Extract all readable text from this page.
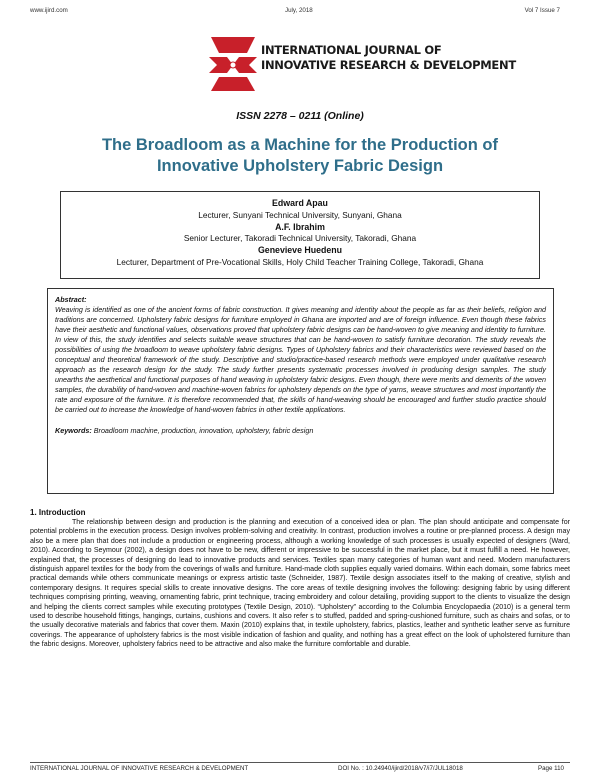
www.ijird.com	July, 2018	Vol 7 Issue 7
INTERNATIONAL JOURNAL OF
INNOVATIVE RESEARCH & DEVELOPMENT
ISSN 2278 – 0211 (Online)
The Broadloom as a Machine for the Production of Innovative Upholstery Fabric Design
Edward Apau
Lecturer, Sunyani Technical University, Sunyani, Ghana
A.F. Ibrahim
Senior Lecturer, Takoradi Technical University, Takoradi, Ghana
Genevieve Huedenu
Lecturer, Department of Pre-Vocational Skills, Holy Child Teacher Training College, Takoradi, Ghana
Abstract:
Weaving is identified as one of the ancient forms of fabric construction. It gives meaning and identity about the people as far as their beliefs, religion and traditions are concerned. Upholstery fabric designs for furniture employed in Ghana are imported and are of foreign influence. Even though these fabrics have their aesthetic and functional values, observations proved that upholstery fabric designs can be hand-woven to give meaning and identity to furniture. In view of this, the study identifies and selects suitable weave structures that can be hand-woven to satisfy furniture decoration. The study reveals the possibilities of using the broadloom to weave upholstery fabric designs. Types of Upholstery fabrics and their characteristics were reviewed based on the conceptual and theoretical framework of the study. Descriptive and studio/practice-based research methods were employed under qualitative research approach as the research design for the study. The study further presents systematic processes involved in producing design samples. The study unearths the aesthetical and functional purposes of hand weaving in upholstery fabric designs. Even though, there were merits and demerits of the woven samples, the durability of hand-woven and machine-woven fabrics for upholstery depends on the type of yarns, weave structures and most importantly the rate and exposure of the furniture. It is therefore recommended that, the skills of hand-weaving should be encouraged and further studio practice should be carried out to increase the knowledge of hand-woven fabrics in other textile applications.
Keywords: Broadloom machine, production, innovation, upholstery, fabric design
1. Introduction
The relationship between design and production is the planning and execution of a conceived idea or plan. The plan should anticipate and compensate for potential problems in the execution process. Design involves problem-solving and creativity. In contrast, production involves a routine or pre-planned process. A design may also be a mere plan that does not include a production or engineering process, although a working knowledge of such processes is usually expected of designers (Ward, 2010). According to Seymour (2002), a design does not have to be new, different or impressive to be successful in the market place, but it must fulfill a need. He however, explained that, the processes of designing do lead to innovative products and services. Textiles span many categories of human want and need. Modern manufacturers distinguish apparel textiles for the body from the coverings of walls and furniture. Hand-made cloth supplies equally varied domains. Within each domain, some fabrics meet practical demands while others communicate meanings or express artistic taste (Schneider, 1987). Textile design associates itself to the making of creative, stylish and contemporary designs. It requires special skills to create innovative designs. The core areas of textile designing involves the following: designing fabric by using different techniques comprising printing, weaving, ornamenting fabric, print technique, tracing embroidery and colour detailing, providing support to the clients to visualize the design and helping the clients correct samples while executing prototypes (Textile Design, 2010). “Upholstery” according to the Columbia Encyclopaedia (2010) is a general term used to describe household fittings, hangings, curtains, cushions and covers. It also refer s to stuffed, padded and spring-cushioned furniture, such as chairs and sofas, or to the usually decorative materials and fabrics that cover them. Maxin (2010) explains that, in textile upholstery, fabrics, plastics, leather and synthetic leather serve as furniture coverings. The appearance of upholstery fabrics is the most visible indication of fashion and quality, and nothing has a great effect on the look of upholstered furniture than the fabric designs. Moreover, upholstery fabrics need to be attractive and also make the furniture comfortable and durable.
INTERNATIONAL JOURNAL OF INNOVATIVE RESEARCH & DEVELOPMENT	DOI No. : 10.24940/ijird/2018/v7/i7/JUL18018	Page 110
